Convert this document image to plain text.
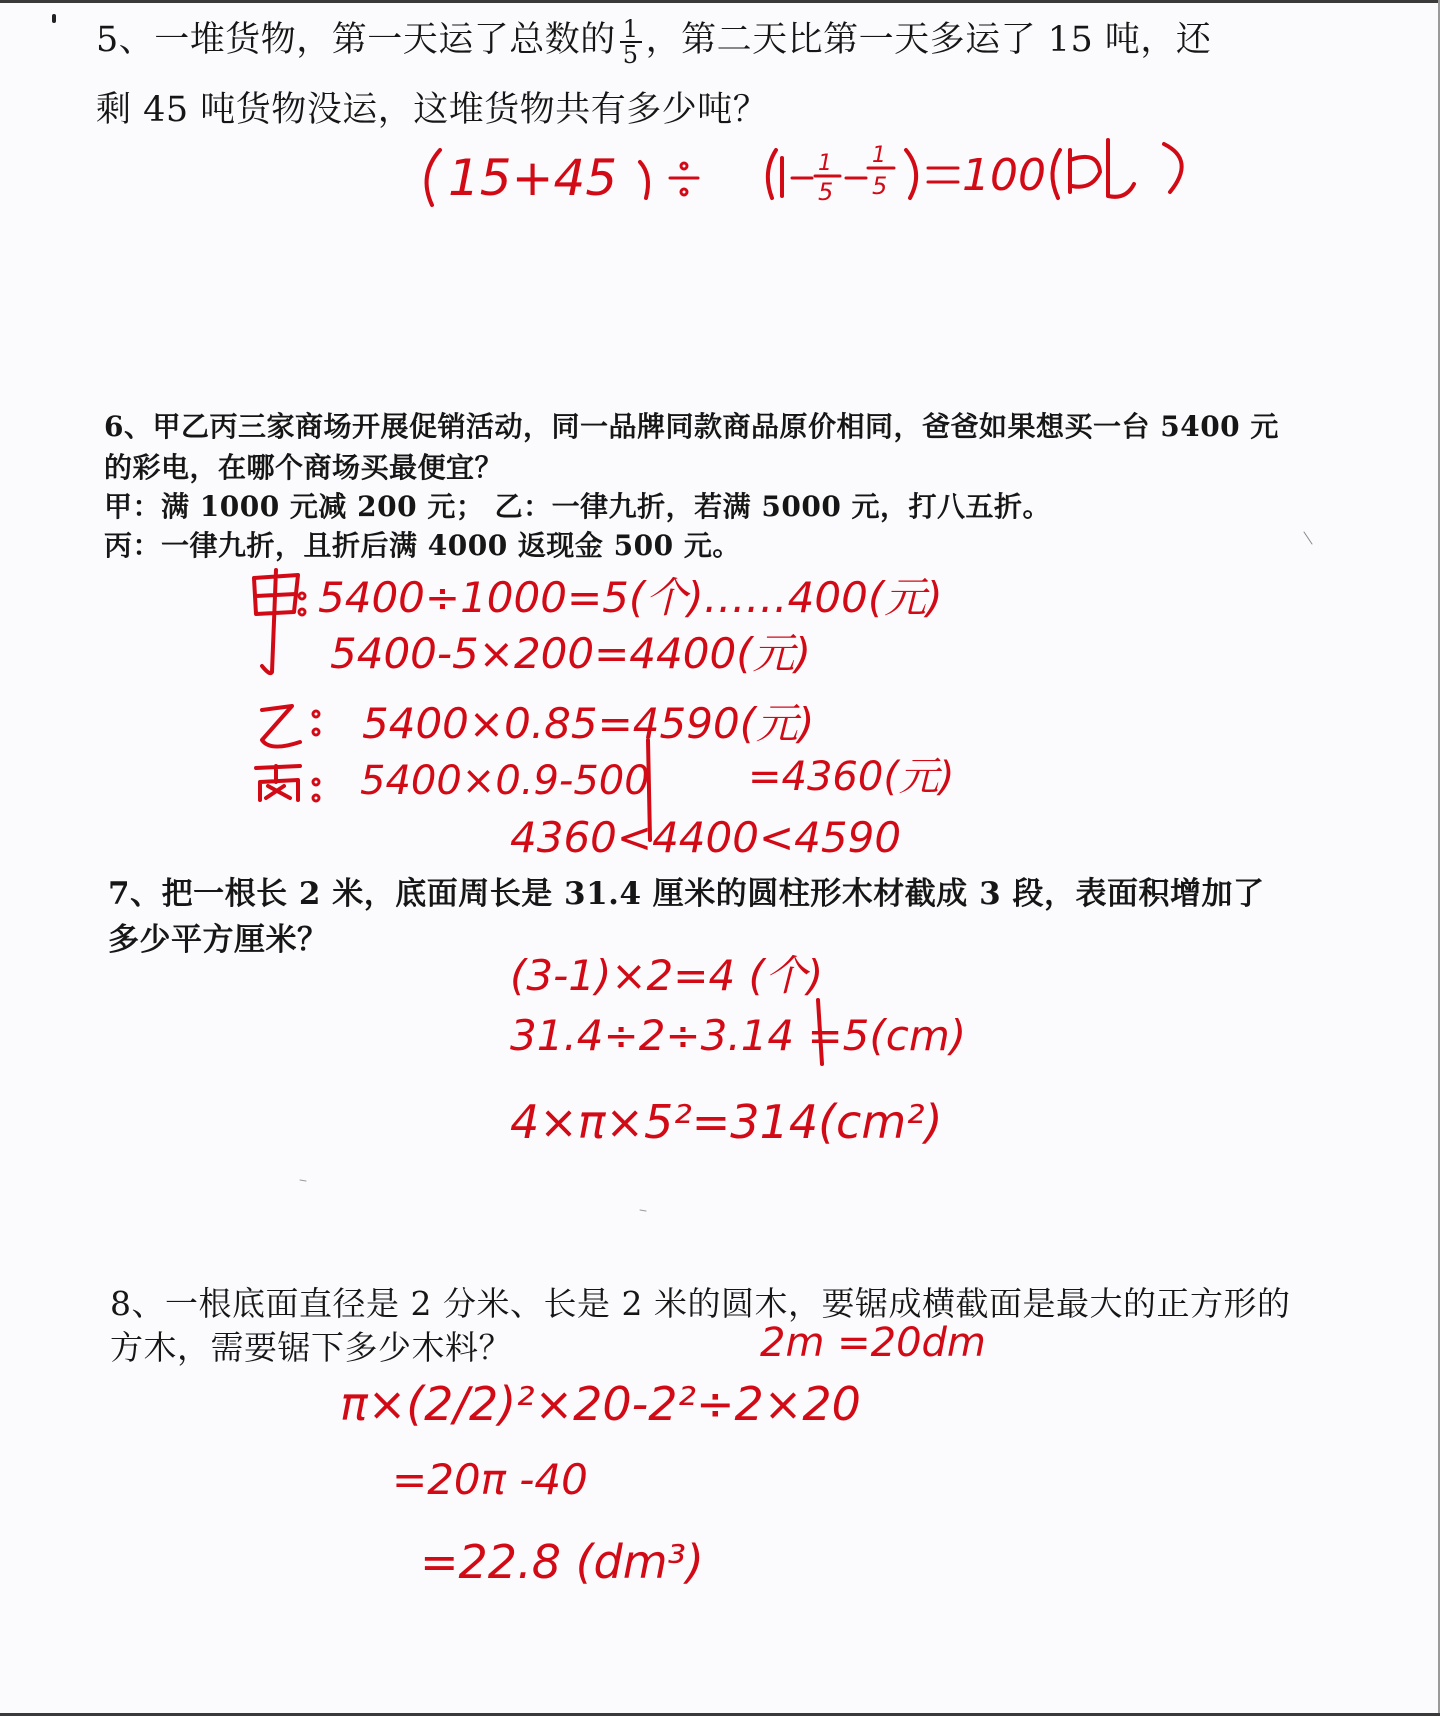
5、一堆货物，第一天运了总数的 $\frac{1}{5}$ ，第二天比第一天多运了 15 吨，还
剩 45 吨货物没运，这堆货物共有多少吨？
6、甲乙丙三家商场开展促销活动，同一品牌同款商品原价相同，爸爸如果想买一台 5400 元
的彩电，在哪个商场买最便宜？
甲：满 1000 元减 200 元； 乙：一律九折，若满 5000 元，打八五折。
丙：一律九折，且折后满 4000 返现金 500 元。
7、把一根长 2 米，底面周长是 31.4 厘米的圆柱形木材截成 3 段，表面积增加了
多少平方厘米？
8、一根底面直径是 2 分米、长是 2 米的圆木，要锯成横截面是最大的正方形的
方木，需要锯下多少木料？
15+45	1
5
1
5 100
5400÷1000=5(个)……400(元)
5400-5×200=4400(元)
5400×0.85=4590(元)
5400×0.9-500 =4360(元)
4360<4400<4590
(3-1)×2=4 (个)
31.4÷2÷3.14 =5(cm)
4×π×5²=314(cm²)
2m =20dm
π×(2/2)²×20-2²÷2×20
=20π -40
=22.8 (dm³)
